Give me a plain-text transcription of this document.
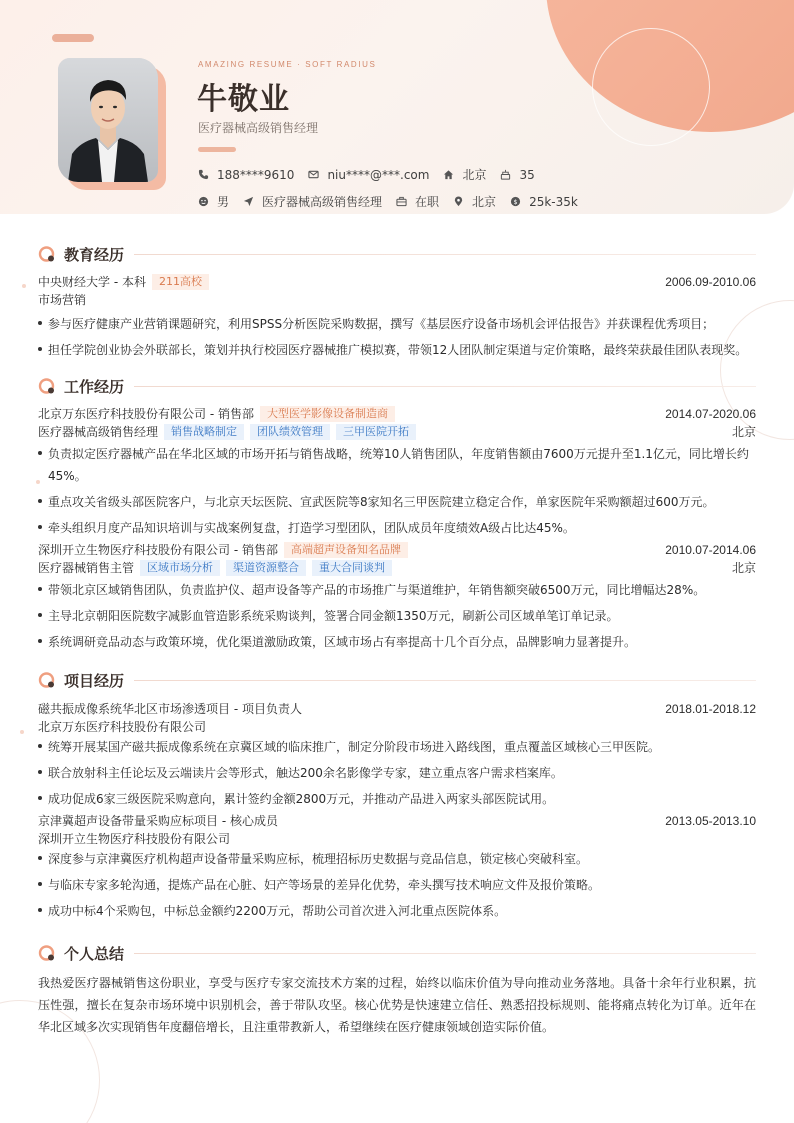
AMAZING RESUME · SOFT RADIUS
牛敬业
医疗器械高级销售经理
188****9610	niu****@***.com	北京	35
男	医疗器械高级销售经理	在职	北京 $ 25k-35k
教育经历
中央财经大学 - 本科	211高校	2006.09-2010.06
市场营销
参与医疗健康产业营销课题研究，利用SPSS分析医院采购数据，撰写《基层医疗设备市场机会评估报告》并获课程优秀项目；
担任学院创业协会外联部长，策划并执行校园医疗器械推广模拟赛，带领12人团队制定渠道与定价策略，最终荣获最佳团队表现奖。
工作经历
北京万东医疗科技股份有限公司 - 销售部	大型医学影像设备制造商	2014.07-2020.06
医疗器械高级销售经理	销售战略制定	团队绩效管理	三甲医院开拓	北京
负责拟定医疗器械产品在华北区域的市场开拓与销售战略，统筹10人销售团队，年度销售额由7600万元提升至1.1亿元，同比增长约45%。
重点攻关省级头部医院客户，与北京天坛医院、宣武医院等8家知名三甲医院建立稳定合作，单家医院年采购额超过600万元。
牵头组织月度产品知识培训与实战案例复盘，打造学习型团队，团队成员年度绩效A级占比达45%。
深圳开立生物医疗科技股份有限公司 - 销售部	高端超声设备知名品牌	2010.07-2014.06
医疗器械销售主管	区域市场分析	渠道资源整合	重大合同谈判	北京
带领北京区域销售团队，负责监护仪、超声设备等产品的市场推广与渠道维护，年销售额突破6500万元，同比增幅达28%。
主导北京朝阳医院数字减影血管造影系统采购谈判，签署合同金额1350万元，刷新公司区域单笔订单记录。
系统调研竞品动态与政策环境，优化渠道激励政策，区域市场占有率提高十几个百分点，品牌影响力显著提升。
项目经历
磁共振成像系统华北区市场渗透项目 - 项目负责人	2018.01-2018.12
北京万东医疗科技股份有限公司
统筹开展某国产磁共振成像系统在京冀区域的临床推广，制定分阶段市场进入路线图，重点覆盖区域核心三甲医院。
联合放射科主任论坛及云端读片会等形式，触达200余名影像学专家，建立重点客户需求档案库。
成功促成6家三级医院采购意向，累计签约金额2800万元，并推动产品进入两家头部医院试用。
京津冀超声设备带量采购应标项目 - 核心成员	2013.05-2013.10
深圳开立生物医疗科技股份有限公司
深度参与京津冀医疗机构超声设备带量采购应标，梳理招标历史数据与竞品信息，锁定核心突破科室。
与临床专家多轮沟通，提炼产品在心脏、妇产等场景的差异化优势，牵头撰写技术响应文件及报价策略。
成功中标4个采购包，中标总金额约2200万元，帮助公司首次进入河北重点医院体系。
个人总结
我热爱医疗器械销售这份职业，享受与医疗专家交流技术方案的过程，始终以临床价值为导向推动业务落地。具备十余年行业积累，抗压性强，擅长在复杂市场环境中识别机会，善于带队攻坚。核心优势是快速建立信任、熟悉招投标规则、能将痛点转化为订单。近年在华北区域多次实现销售年度翻倍增长，且注重带教新人，希望继续在医疗健康领域创造实际价值。
